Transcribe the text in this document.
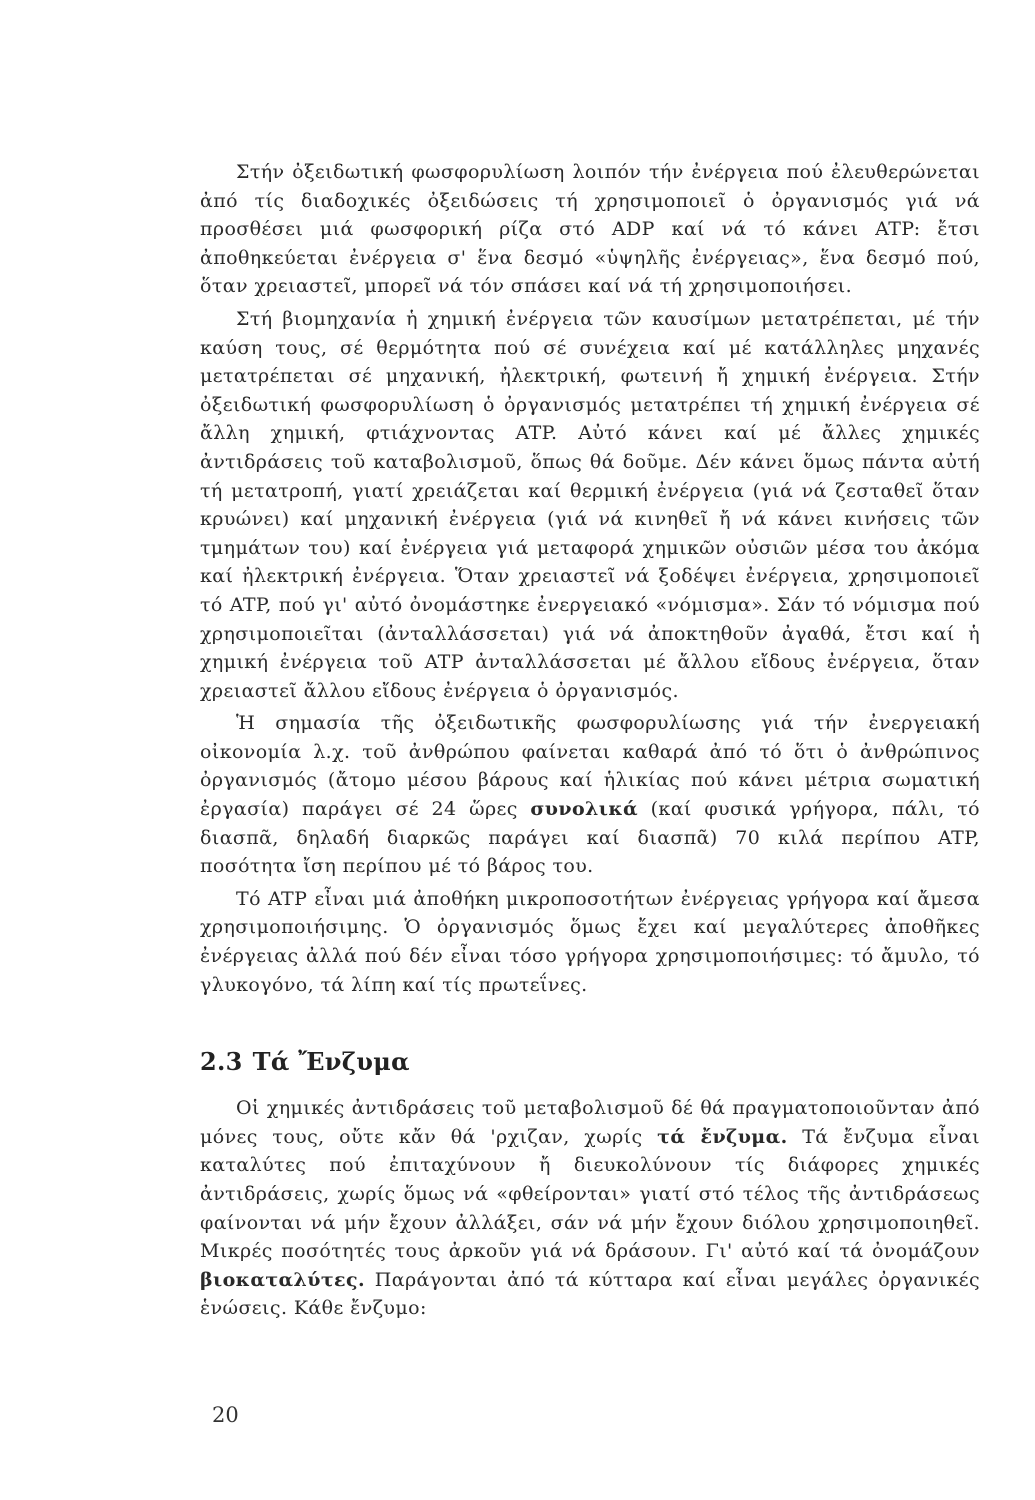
Στήν ὀξειδωτική φωσφορυλίωση λοιπόν τήν ἐνέργεια πού ἐλευθερώνεται ἀπό τίς διαδοχικές ὀξειδώσεις τή χρησιμοποιεῖ ὁ ὀργανισμός γιά νά προσθέσει μιά φωσφορική ρίζα στό ADP καί νά τό κάνει ATP: ἔτσι ἀποθηκεύεται ἐνέργεια σ' ἕνα δεσμό «ὑψηλῆς ἐνέργειας», ἕνα δεσμό πού, ὅταν χρειαστεῖ, μπορεῖ νά τόν σπάσει καί νά τή χρησιμοποιήσει.

Στή βιομηχανία ἡ χημική ἐνέργεια τῶν καυσίμων μετατρέπεται, μέ τήν καύση τους, σέ θερμότητα πού σέ συνέχεια καί μέ κατάλληλες μηχανές μετατρέπεται σέ μηχανική, ἠλεκτρική, φωτεινή ἤ χημική ἐνέργεια. Στήν ὀξειδωτική φωσφορυλίωση ὁ ὀργανισμός μετατρέπει τή χημική ἐνέργεια σέ ἄλλη χημική, φτιάχνοντας ATP. Αὐτό κάνει καί μέ ἄλλες χημικές ἀντιδράσεις τοῦ καταβολισμοῦ, ὅπως θά δοῦμε. Δέν κάνει ὅμως πάντα αὐτή τή μετατροπή, γιατί χρειάζεται καί θερμική ἐνέργεια (γιά νά ζεσταθεῖ ὅταν κρυώνει) καί μηχανική ἐνέργεια (γιά νά κινηθεῖ ἤ νά κάνει κινήσεις τῶν τμημάτων του) καί ἐνέργεια γιά μεταφορά χημικῶν οὐσιῶν μέσα του ἀκόμα καί ἠλεκτρική ἐνέργεια. Ὅταν χρειαστεῖ νά ξοδέψει ἐνέργεια, χρησιμοποιεῖ τό ATP, πού γι' αὐτό ὀνομάστηκε ἐνεργειακό «νόμισμα». Σάν τό νόμισμα πού χρησιμοποιεῖται (ἀνταλλάσσεται) γιά νά ἀποκτηθοῦν ἀγαθά, ἔτσι καί ἡ χημική ἐνέργεια τοῦ ATP ἀνταλλάσσεται μέ ἄλλου εἴδους ἐνέργεια, ὅταν χρειαστεῖ ἄλλου εἴδους ἐνέργεια ὁ ὀργανισμός.

Ἡ σημασία τῆς ὀξειδωτικῆς φωσφορυλίωσης γιά τήν ἐνεργειακή οἰκονομία λ.χ. τοῦ ἀνθρώπου φαίνεται καθαρά ἀπό τό ὅτι ὁ ἀνθρώπινος ὀργανισμός (ἄτομο μέσου βάρους καί ἡλικίας πού κάνει μέτρια σωματική ἐργασία) παράγει σέ 24 ὥρες συνολικά (καί φυσικά γρήγορα, πάλι, τό διασπᾶ, δηλαδή διαρκῶς παράγει καί διασπᾶ) 70 κιλά περίπου ATP, ποσότητα ἴση περίπου μέ τό βάρος του.

Τό ATP εἶναι μιά ἀποθήκη μικροποσοτήτων ἐνέργειας γρήγορα καί ἄμεσα χρησιμοποιήσιμης. Ὁ ὀργανισμός ὅμως ἔχει καί μεγαλύτερες ἀποθῆκες ἐνέργειας ἀλλά πού δέν εἶναι τόσο γρήγορα χρησιμοποιήσιμες: τό ἄμυλο, τό γλυκογόνο, τά λίπη καί τίς πρωτεΐνες.

2.3 Τά Ἔνζυμα

Οἱ χημικές ἀντιδράσεις τοῦ μεταβολισμοῦ δέ θά πραγματοποιοῦνταν ἀπό μόνες τους, οὔτε κἄν θά 'ρχιζαν, χωρίς τά ἔνζυμα. Τά ἔνζυμα εἶναι καταλύτες πού ἐπιταχύνουν ἤ διευκολύνουν τίς διάφορες χημικές ἀντιδράσεις, χωρίς ὅμως νά «φθείρονται» γιατί στό τέλος τῆς ἀντιδράσεως φαίνονται νά μήν ἔχουν ἀλλάξει, σάν νά μήν ἔχουν διόλου χρησιμοποιηθεῖ. Μικρές ποσότητές τους ἀρκοῦν γιά νά δράσουν. Γι' αὐτό καί τά ὀνομάζουν βιοκαταλύτες. Παράγονται ἀπό τά κύτταρα καί εἶναι μεγάλες ὀργανικές ἑνώσεις. Κάθε ἔνζυμο:

20
